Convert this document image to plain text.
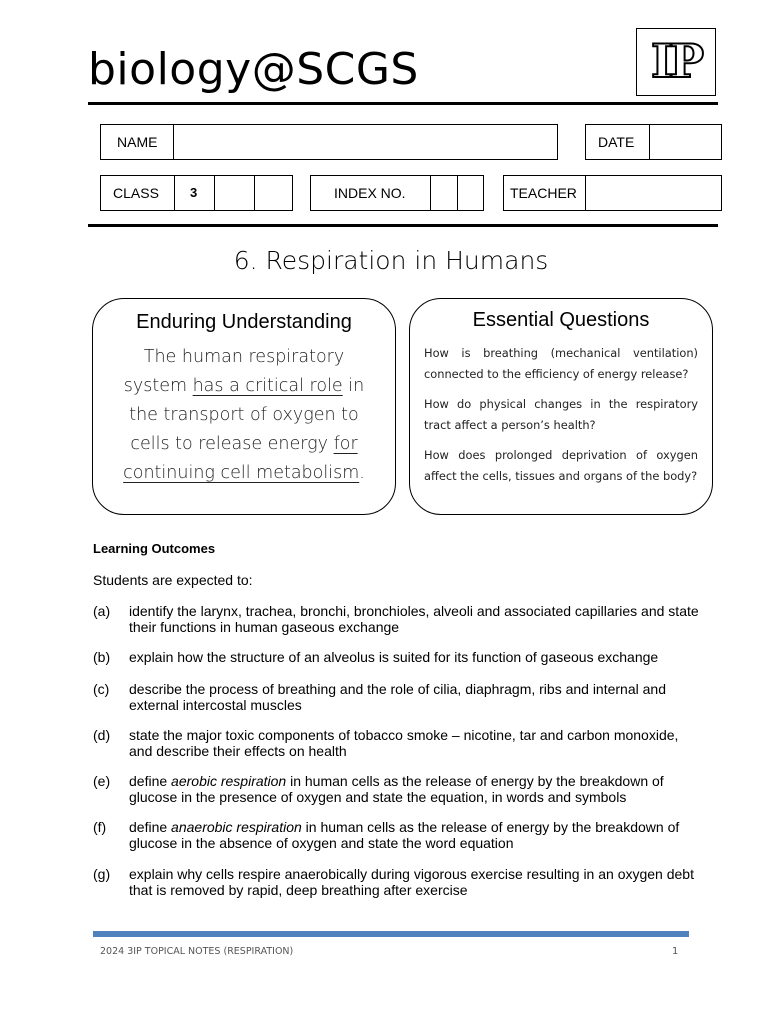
biology@SCGS	IP
NAME	DATE
CLASS 3	INDEX NO.	TEACHER
6. Respiration in Humans
Enduring Understanding
The human respiratory system has a critical role in the transport of oxygen to cells to release energy for continuing cell metabolism.
Essential Questions
How is breathing (mechanical ventilation) connected to the efficiency of energy release?
How do physical changes in the respiratory tract affect a person’s health?
How does prolonged deprivation of oxygen affect the cells, tissues and organs of the body?
Learning Outcomes
Students are expected to:
(a) identify the larynx, trachea, bronchi, bronchioles, alveoli and associated capillaries and state their functions in human gaseous exchange
(b) explain how the structure of an alveolus is suited for its function of gaseous exchange
(c) describe the process of breathing and the role of cilia, diaphragm, ribs and internal and external intercostal muscles
(d) state the major toxic components of tobacco smoke – nicotine, tar and carbon monoxide, and describe their effects on health
(e) define aerobic respiration in human cells as the release of energy by the breakdown of glucose in the presence of oxygen and state the equation, in words and symbols
(f) define anaerobic respiration in human cells as the release of energy by the breakdown of glucose in the absence of oxygen and state the word equation
(g) explain why cells respire anaerobically during vigorous exercise resulting in an oxygen debt that is removed by rapid, deep breathing after exercise
2024 3IP TOPICAL NOTES (RESPIRATION)	1
